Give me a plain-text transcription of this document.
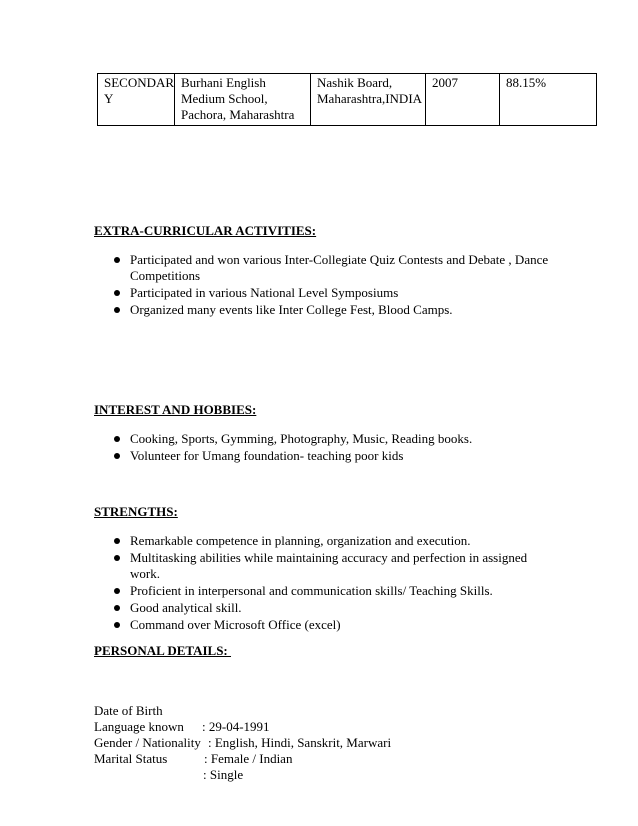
SECONDAR
Y	Burhani English
Medium School,
Pachora, Maharashtra	Nashik Board,
Maharashtra,INDIA	2007	88.15%
EXTRA-CURRICULAR ACTIVITIES:
Participated and won various Inter-Collegiate Quiz Contests and Debate , Dance Competitions
Participated in various National Level Symposiums
Organized many events like Inter College Fest, Blood Camps.
INTEREST AND HOBBIES:
Cooking, Sports, Gymming, Photography, Music, Reading books.
Volunteer for Umang foundation- teaching poor kids
STRENGTHS:
Remarkable competence in planning, organization and execution.
Multitasking abilities while maintaining accuracy and perfection in assigned work.
Proficient in interpersonal and communication skills/ Teaching Skills.
Good analytical skill.
Command over Microsoft Office (excel)
PERSONAL DETAILS:

Date of Birth

: 29-04-1991

Language known

: English, Hindi, Sanskrit, Marwari

Gender / Nationality

: Female / Indian

Marital Status

: Single
